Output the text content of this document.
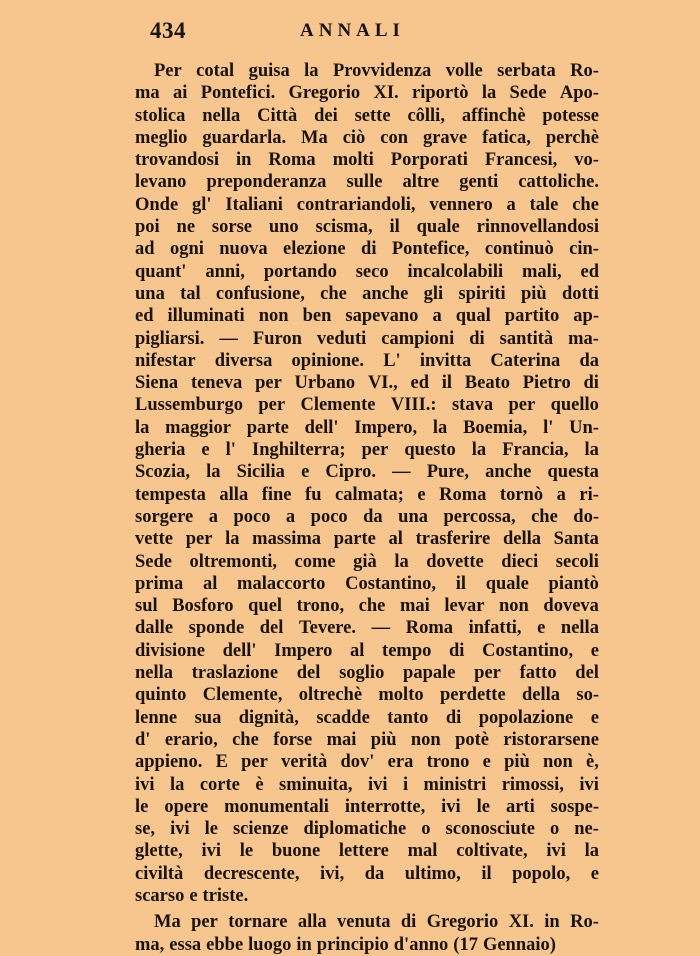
434	ANNALI
Per cotal guisa la Provvidenza volle serbata Ro-
ma ai Pontefici. Gregorio XI. riportò la Sede Apo-
stolica nella Città dei sette côlli, affinchè potesse
meglio guardarla. Ma ciò con grave fatica, perchè
trovandosi in Roma molti Porporati Francesi, vo-
levano preponderanza sulle altre genti cattoliche.
Onde gl' Italiani contrariandoli, vennero a tale che
poi ne sorse uno scisma, il quale rinnovellandosi
ad ogni nuova elezione di Pontefice, continuò cin-
quant' anni, portando seco incalcolabili mali, ed
una tal confusione, che anche gli spiriti più dotti
ed illuminati non ben sapevano a qual partito ap-
pigliarsi. — Furon veduti campioni di santità ma-
nifestar diversa opinione. L' invitta Caterina da
Siena teneva per Urbano VI., ed il Beato Pietro di
Lussemburgo per Clemente VIII.: stava per quello
la maggior parte dell' Impero, la Boemia, l' Un-
gheria e l' Inghilterra; per questo la Francia, la
Scozia, la Sicilia e Cipro. — Pure, anche questa
tempesta alla fine fu calmata; e Roma tornò a ri-
sorgere a poco a poco da una percossa, che do-
vette per la massima parte al trasferire della Santa
Sede oltremonti, come già la dovette dieci secoli
prima al malaccorto Costantino, il quale piantò
sul Bosforo quel trono, che mai levar non doveva
dalle sponde del Tevere. — Roma infatti, e nella
divisione dell' Impero al tempo di Costantino, e
nella traslazione del soglio papale per fatto del
quinto Clemente, oltrechè molto perdette della so-
lenne sua dignità, scadde tanto di popolazione e
d' erario, che forse mai più non potè ristorarsene
appieno. E per verità dov' era trono e più non è,
ivi la corte è sminuita, ivi i ministri rimossi, ivi
le opere monumentali interrotte, ivi le arti sospe-
se, ivi le scienze diplomatiche o sconosciute o ne-
glette, ivi le buone lettere mal coltivate, ivi la
civiltà decrescente, ivi, da ultimo, il popolo, e
scarso e triste.
Ma per tornare alla venuta di Gregorio XI. in Ro-
ma, essa ebbe luogo in principio d'anno (17 Gennaio)
